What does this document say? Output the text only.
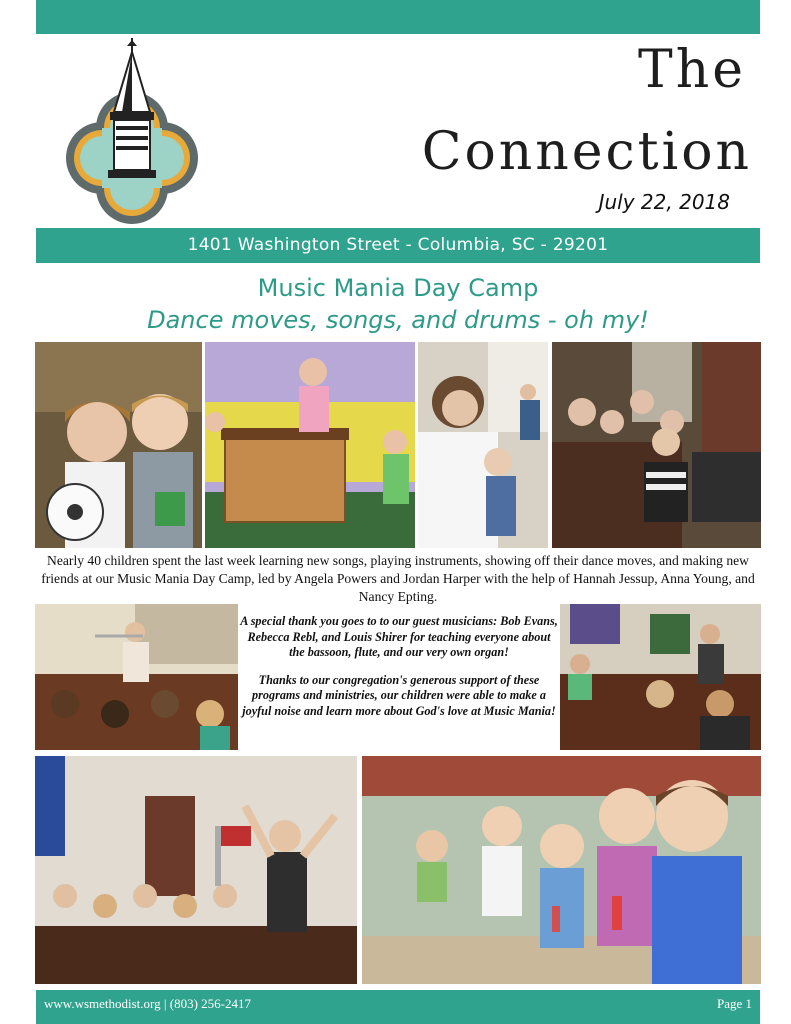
The
Connection
July 22, 2018
1401 Washington Street - Columbia, SC - 29201
Music Mania Day Camp
Dance moves, songs, and drums - oh my!
Nearly 40 children spent the last week learning new songs, playing instruments, showing off their dance moves, and making new friends at our Music Mania Day Camp, led by Angela Powers and Jordan Harper with the help of Hannah Jessup, Anna Young, and Nancy Epting.

A special thank you goes to to our guest musicians: Bob Evans, Rebecca Rebl, and Louis Shirer for teaching everyone about the bassoon, flute, and our very own organ!

Thanks to our congregation's generous support of these programs and ministries, our children were able to make a joyful noise and learn more about God's love at Music Mania!

www.wsmethodist.org | (803) 256-2417	Page 1
